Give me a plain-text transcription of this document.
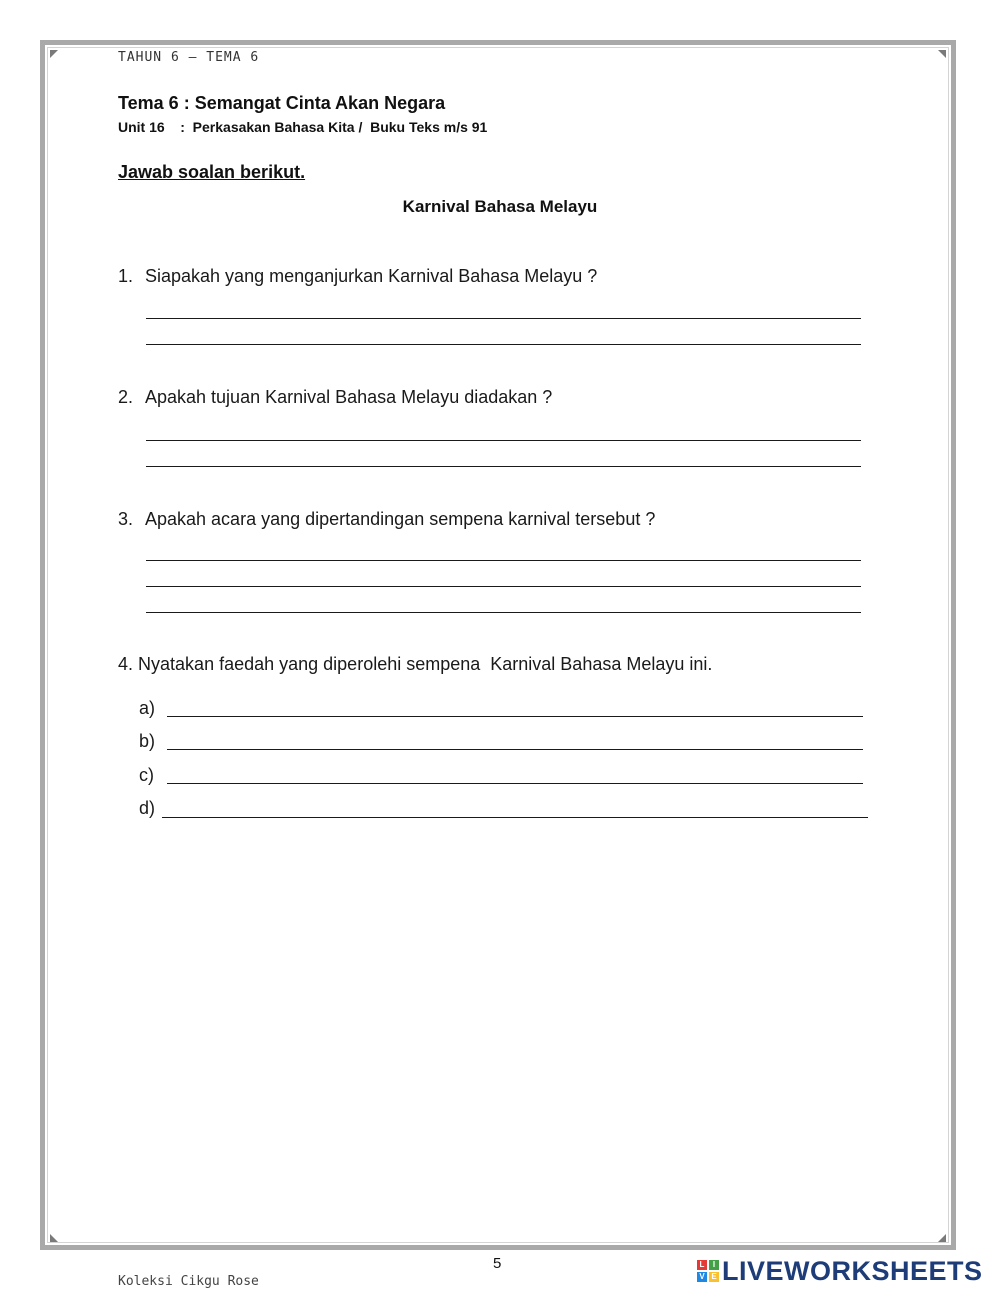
TAHUN 6 – TEMA 6
Tema 6 : Semangat Cinta Akan Negara
Unit 16    :  Perkasakan Bahasa Kita /  Buku Teks m/s 91
Jawab soalan berikut.
Karnival Bahasa Melayu
1. Siapakah yang menganjurkan Karnival Bahasa Melayu ?
2. Apakah tujuan Karnival Bahasa Melayu diadakan ?
3. Apakah acara yang dipertandingan sempena karnival tersebut ?
4. Nyatakan faedah yang diperolehi sempena  Karnival Bahasa Melayu ini.
a)
b)
c)
d)
5
Koleksi Cikgu Rose
L	I
V E LIVEWORKSHEETS
